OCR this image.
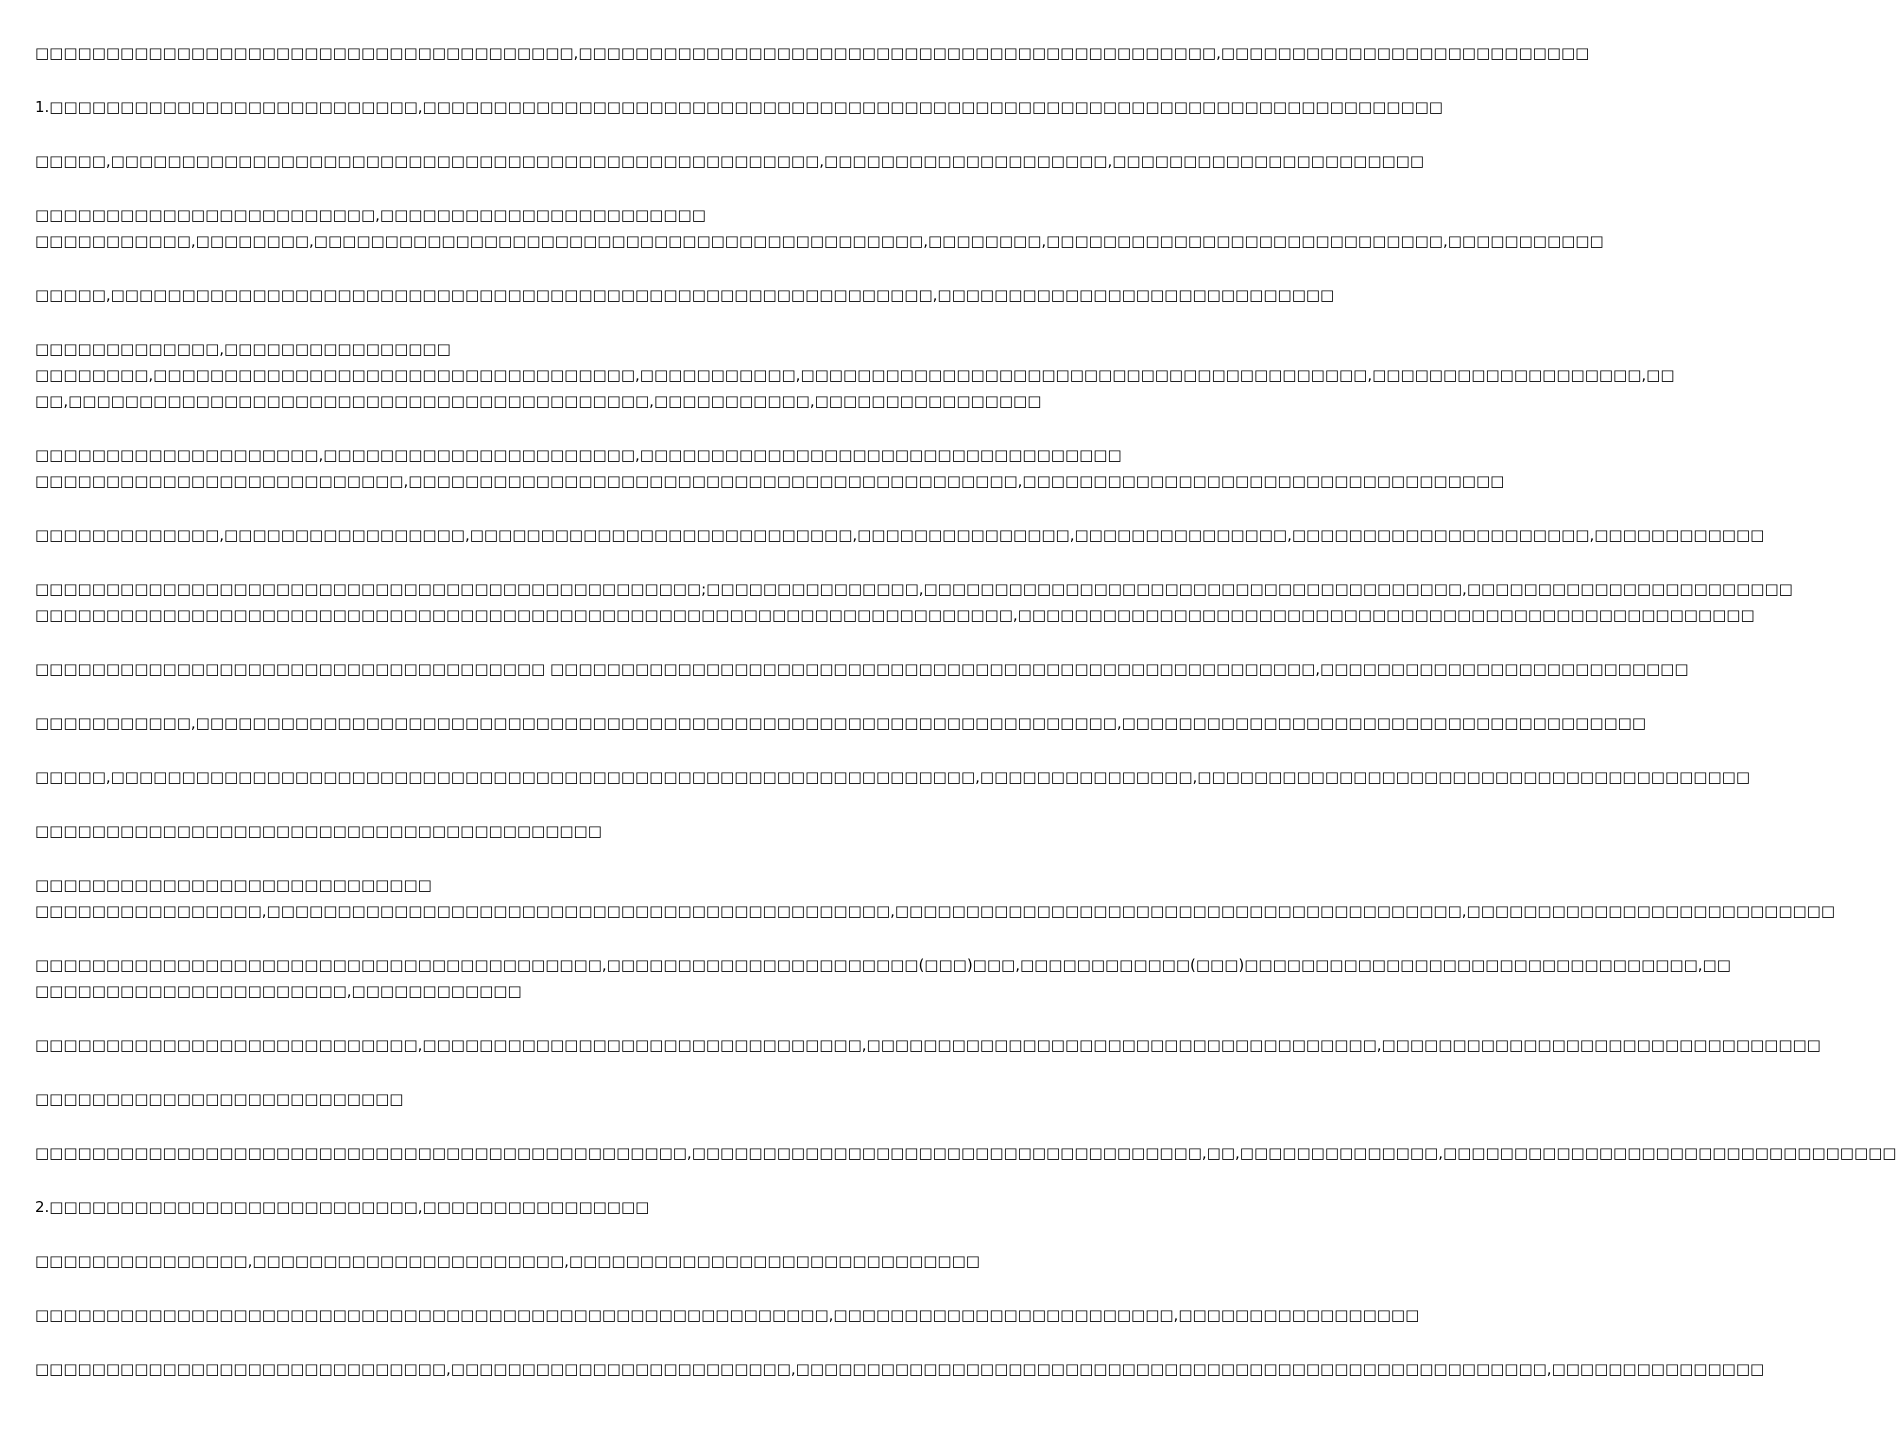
□□□□□□□□□□□□□□□□□□□□□□□□□□□□□□□□□□□□□□,□□□□□□□□□□□□□□□□□□□□□□□□□□□□□□□□□□□□□□□□□□□□□,□□□□□□□□□□□□□□□□□□□□□□□□□□
1.□□□□□□□□□□□□□□□□□□□□□□□□□□,□□□□□□□□□□□□□□□□□□□□□□□□□□□□□□□□□□□□□□□□□□□□□□□□□□□□□□□□□□□□□□□□□□□□□□□□
□□□□□,□□□□□□□□□□□□□□□□□□□□□□□□□□□□□□□□□□□□□□□□□□□□□□□□□□,□□□□□□□□□□□□□□□□□□□□,□□□□□□□□□□□□□□□□□□□□□□
□□□□□□□□□□□□□□□□□□□□□□□□,□□□□□□□□□□□□□□□□□□□□□□□
□□□□□□□□□□□,□□□□□□□□,□□□□□□□□□□□□□□□□□□□□□□□□□□□□□□□□□□□□□□□□□□□,□□□□□□□□,□□□□□□□□□□□□□□□□□□□□□□□□□□□□,□□□□□□□□□□□
□□□□□,□□□□□□□□□□□□□□□□□□□□□□□□□□□□□□□□□□□□□□□□□□□□□□□□□□□□□□□□□□,□□□□□□□□□□□□□□□□□□□□□□□□□□□□
□□□□□□□□□□□□□,□□□□□□□□□□□□□□□□
□□□□□□□□,□□□□□□□□□□□□□□□□□□□□□□□□□□□□□□□□□□,□□□□□□□□□□□,□□□□□□□□□□□□□□□□□□□□□□□□□□□□□□□□□□□□□□□□,□□□□□□□□□□□□□□□□□□□,□□
□□,□□□□□□□□□□□□□□□□□□□□□□□□□□□□□□□□□□□□□□□□□,□□□□□□□□□□□,□□□□□□□□□□□□□□□□
□□□□□□□□□□□□□□□□□□□□,□□□□□□□□□□□□□□□□□□□□□□,□□□□□□□□□□□□□□□□□□□□□□□□□□□□□□□□□□
□□□□□□□□□□□□□□□□□□□□□□□□□□,□□□□□□□□□□□□□□□□□□□□□□□□□□□□□□□□□□□□□□□□□□□,□□□□□□□□□□□□□□□□□□□□□□□□□□□□□□□□□□
□□□□□□□□□□□□□,□□□□□□□□□□□□□□□□□,□□□□□□□□□□□□□□□□□□□□□□□□□□□,□□□□□□□□□□□□□□□,□□□□□□□□□□□□□□□,□□□□□□□□□□□□□□□□□□□□□,□□□□□□□□□□□□
□□□□□□□□□□□□□□□□□□□□□□□□□□□□□□□□□□□□□□□□□□□□□□□;□□□□□□□□□□□□□□□,□□□□□□□□□□□□□□□□□□□□□□□□□□□□□□□□□□□□□□,□□□□□□□□□□□□□□□□□□□□□□□
□□□□□□□□□□□□□□□□□□□□□□□□□□□□□□□□□□□□□□□□□□□□□□□□□□□□□□□□□□□□□□□□□□□□□,□□□□□□□□□□□□□□□□□□□□□□□□□□□□□□□□□□□□□□□□□□□□□□□□□□□□
□□□□□□□□□□□□□□□□□□□□□□□□□□□□□□□□□□□□ □□□□□□□□□□□□□□□□□□□□□□□□□□□□□□□□□□□□□□□□□□□□□□□□□□□□□□,□□□□□□□□□□□□□□□□□□□□□□□□□□
□□□□□□□□□□□,□□□□□□□□□□□□□□□□□□□□□□□□□□□□□□□□□□□□□□□□□□□□□□□□□□□□□□□□□□□□□□□□□,□□□□□□□□□□□□□□□□□□□□□□□□□□□□□□□□□□□□□
□□□□□,□□□□□□□□□□□□□□□□□□□□□□□□□□□□□□□□□□□□□□□□□□□□□□□□□□□□□□□□□□□□□,□□□□□□□□□□□□□□□,□□□□□□□□□□□□□□□□□□□□□□□□□□□□□□□□□□□□□□□
□□□□□□□□□□□□□□□□□□□□□□□□□□□□□□□□□□□□□□□□
□□□□□□□□□□□□□□□□□□□□□□□□□□□□
□□□□□□□□□□□□□□□□,□□□□□□□□□□□□□□□□□□□□□□□□□□□□□□□□□□□□□□□□□□□□,□□□□□□□□□□□□□□□□□□□□□□□□□□□□□□□□□□□□□□□□,□□□□□□□□□□□□□□□□□□□□□□□□□□
□□□□□□□□□□□□□□□□□□□□□□□□□□□□□□□□□□□□□□□□,□□□□□□□□□□□□□□□□□□□□□□(□□□)□□□,□□□□□□□□□□□□(□□□)□□□□□□□□□□□□□□□□□□□□□□□□□□□□□□□□,□□
□□□□□□□□□□□□□□□□□□□□□□,□□□□□□□□□□□□
□□□□□□□□□□□□□□□□□□□□□□□□□□□,□□□□□□□□□□□□□□□□□□□□□□□□□□□□□□□,□□□□□□□□□□□□□□□□□□□□□□□□□□□□□□□□□□□□,□□□□□□□□□□□□□□□□□□□□□□□□□□□□□□□
□□□□□□□□□□□□□□□□□□□□□□□□□□
□□□□□□□□□□□□□□□□□□□□□□□□□□□□□□□□□□□□□□□□□□□□□□,□□□□□□□□□□□□□□□□□□□□□□□□□□□□□□□□□□□□,□□,□□□□□□□□□□□□□□,□□□□□□□□□□□□□□□□□□□□□□□□□□□□□□□□
2.□□□□□□□□□□□□□□□□□□□□□□□□□□,□□□□□□□□□□□□□□□□
□□□□□□□□□□□□□□□,□□□□□□□□□□□□□□□□□□□□□□,□□□□□□□□□□□□□□□□□□□□□□□□□□□□□
□□□□□□□□□□□□□□□□□□□□□□□□□□□□□□□□□□□□□□□□□□□□□□□□□□□□□□□□,□□□□□□□□□□□□□□□□□□□□□□□□,□□□□□□□□□□□□□□□□□
□□□□□□□□□□□□□□□□□□□□□□□□□□□□□,□□□□□□□□□□□□□□□□□□□□□□□□,□□□□□□□□□□□□□□□□□□□□□□□□□□□□□□□□□□□□□□□□□□□□□□□□□□□□□,□□□□□□□□□□□□□□□
